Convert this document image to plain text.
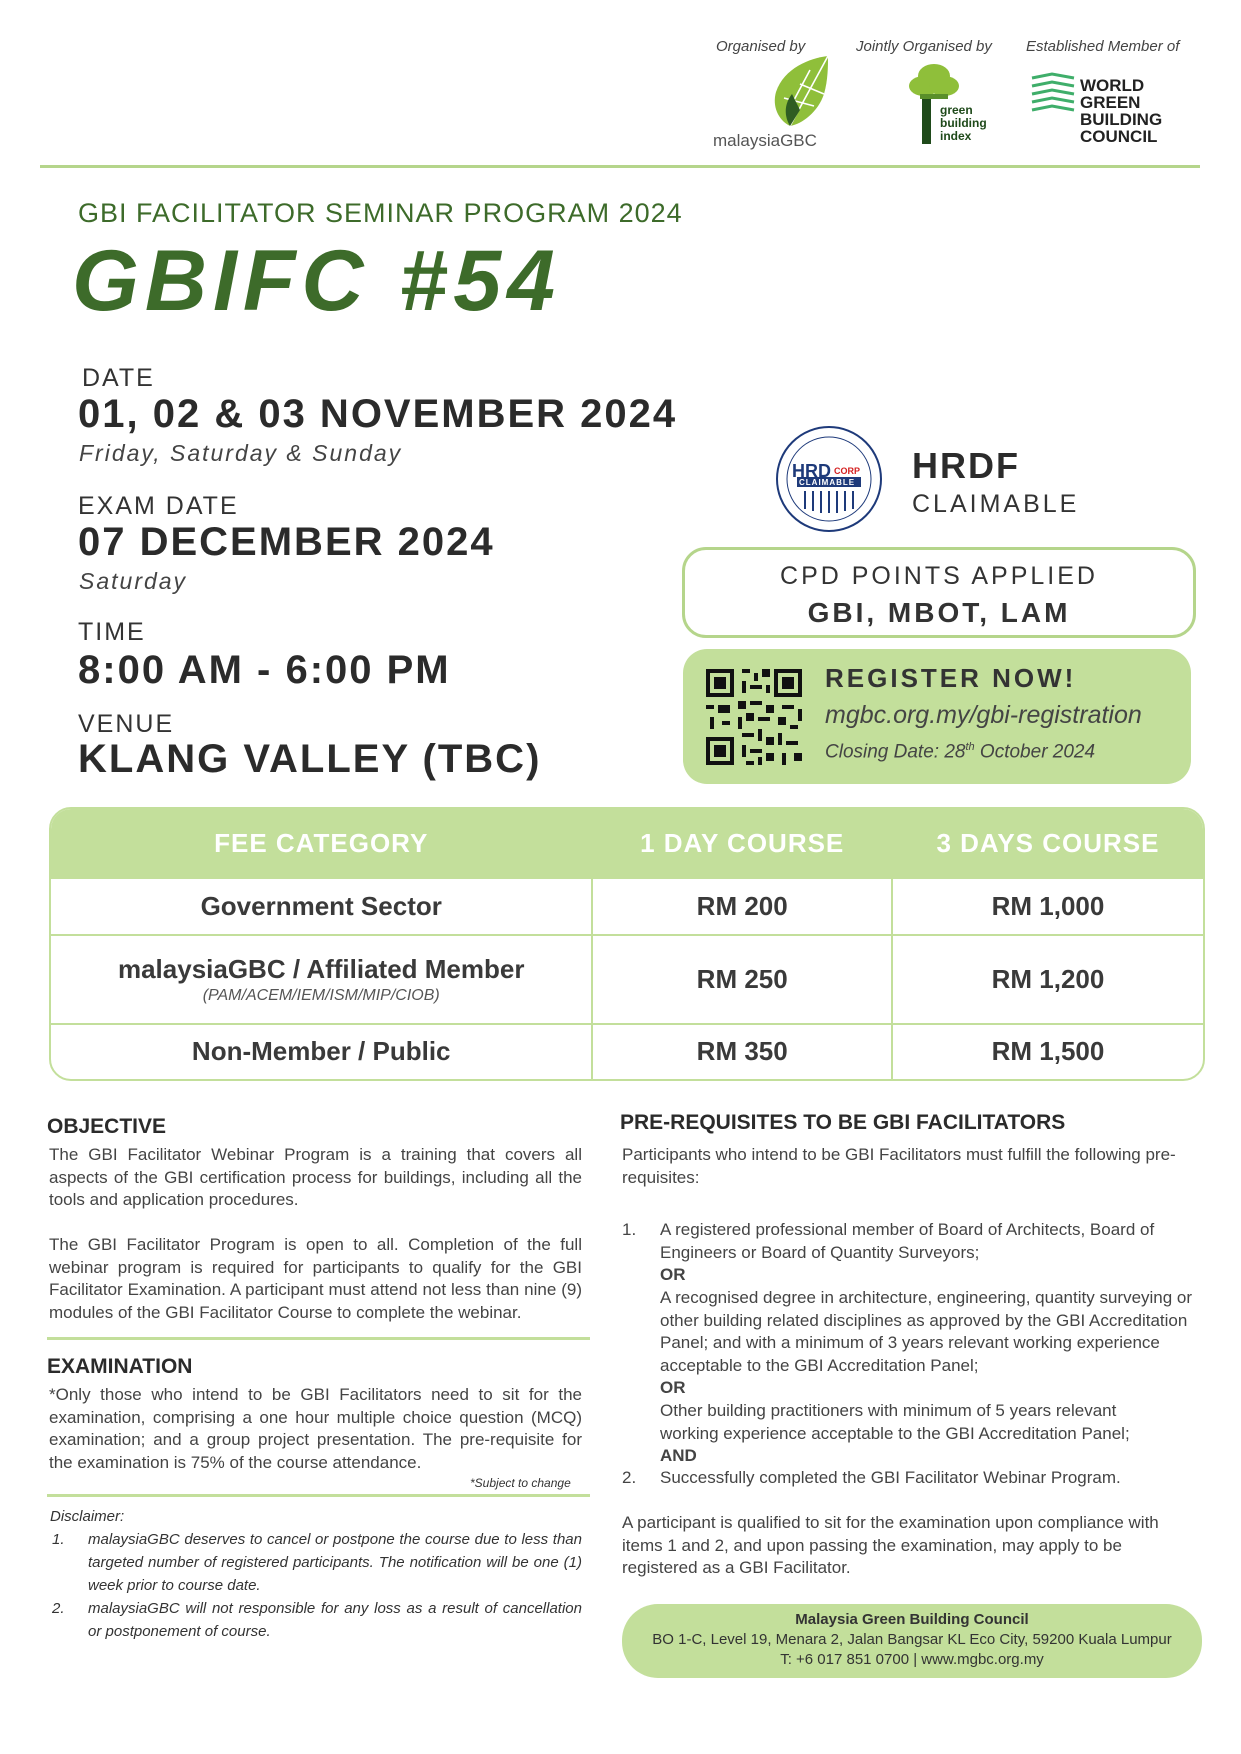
Organised by
malaysiaGBC
Jointly Organised by
green
building
index
Established Member of
WORLD
GREEN
BUILDING
COUNCIL
GBI FACILITATOR SEMINAR PROGRAM 2024
GBIFC #54
DATE
01, 02 & 03 NOVEMBER 2024
Friday, Saturday & Sunday
EXAM DATE
07 DECEMBER 2024
Saturday
TIME
8:00 AM - 6:00 PM
VENUE
KLANG VALLEY (TBC)
HRD CORP
CLAIMABLE HRDF
CLAIMABLE
CPD POINTS APPLIED
GBI, MBOT, LAM
REGISTER NOW!
mgbc.org.my/gbi-registration
Closing Date: 28th October 2024
FEE CATEGORY	1 DAY COURSE	3 DAYS COURSE
Government Sector	RM 200	RM 1,000
malaysiaGBC / Affiliated Member
(PAM/ACEM/IEM/ISM/MIP/CIOB)	RM 250	RM 1,200
Non-Member / Public	RM 350	RM 1,500
OBJECTIVE
The GBI Facilitator Webinar Program is a training that covers all aspects of the GBI certification process for buildings, including all the tools and application procedures.
The GBI Facilitator Program is open to all. Completion of the full webinar program is required for participants to qualify for the GBI Facilitator Examination. A participant must attend not less than nine (9) modules of the GBI Facilitator Course to complete the webinar.
EXAMINATION
*Only those who intend to be GBI Facilitators need to sit for the examination, comprising a one hour multiple choice question (MCQ) examination; and a group project presentation. The pre-requisite for the examination is 75% of the course attendance.
*Subject to change
Disclaimer:
1. malaysiaGBC deserves to cancel or postpone the course due to less than targeted number of registered participants. The notification will be one (1) week prior to course date.
2. malaysiaGBC will not responsible for any loss as a result of cancellation or postponement of course.
PRE-REQUISITES TO BE GBI FACILITATORS
Participants who intend to be GBI Facilitators must fulfill the following pre-requisites:
1. A registered professional member of Board of Architects, Board of Engineers or Board of Quantity Surveyors;
OR
A recognised degree in architecture, engineering, quantity surveying or other building related disciplines as approved by the GBI Accreditation Panel; and with a minimum of 3 years relevant working experience acceptable to the GBI Accreditation Panel;
OR
Other building practitioners with minimum of 5 years relevant working experience acceptable to the GBI Accreditation Panel;
AND
2. Successfully completed the GBI Facilitator Webinar Program.
A participant is qualified to sit for the examination upon compliance with items 1 and 2, and upon passing the examination, may apply to be registered as a GBI Facilitator.
Malaysia Green Building Council
BO 1-C, Level 19, Menara 2, Jalan Bangsar KL Eco City, 59200 Kuala Lumpur
T: +6 017 851 0700 | www.mgbc.org.my
